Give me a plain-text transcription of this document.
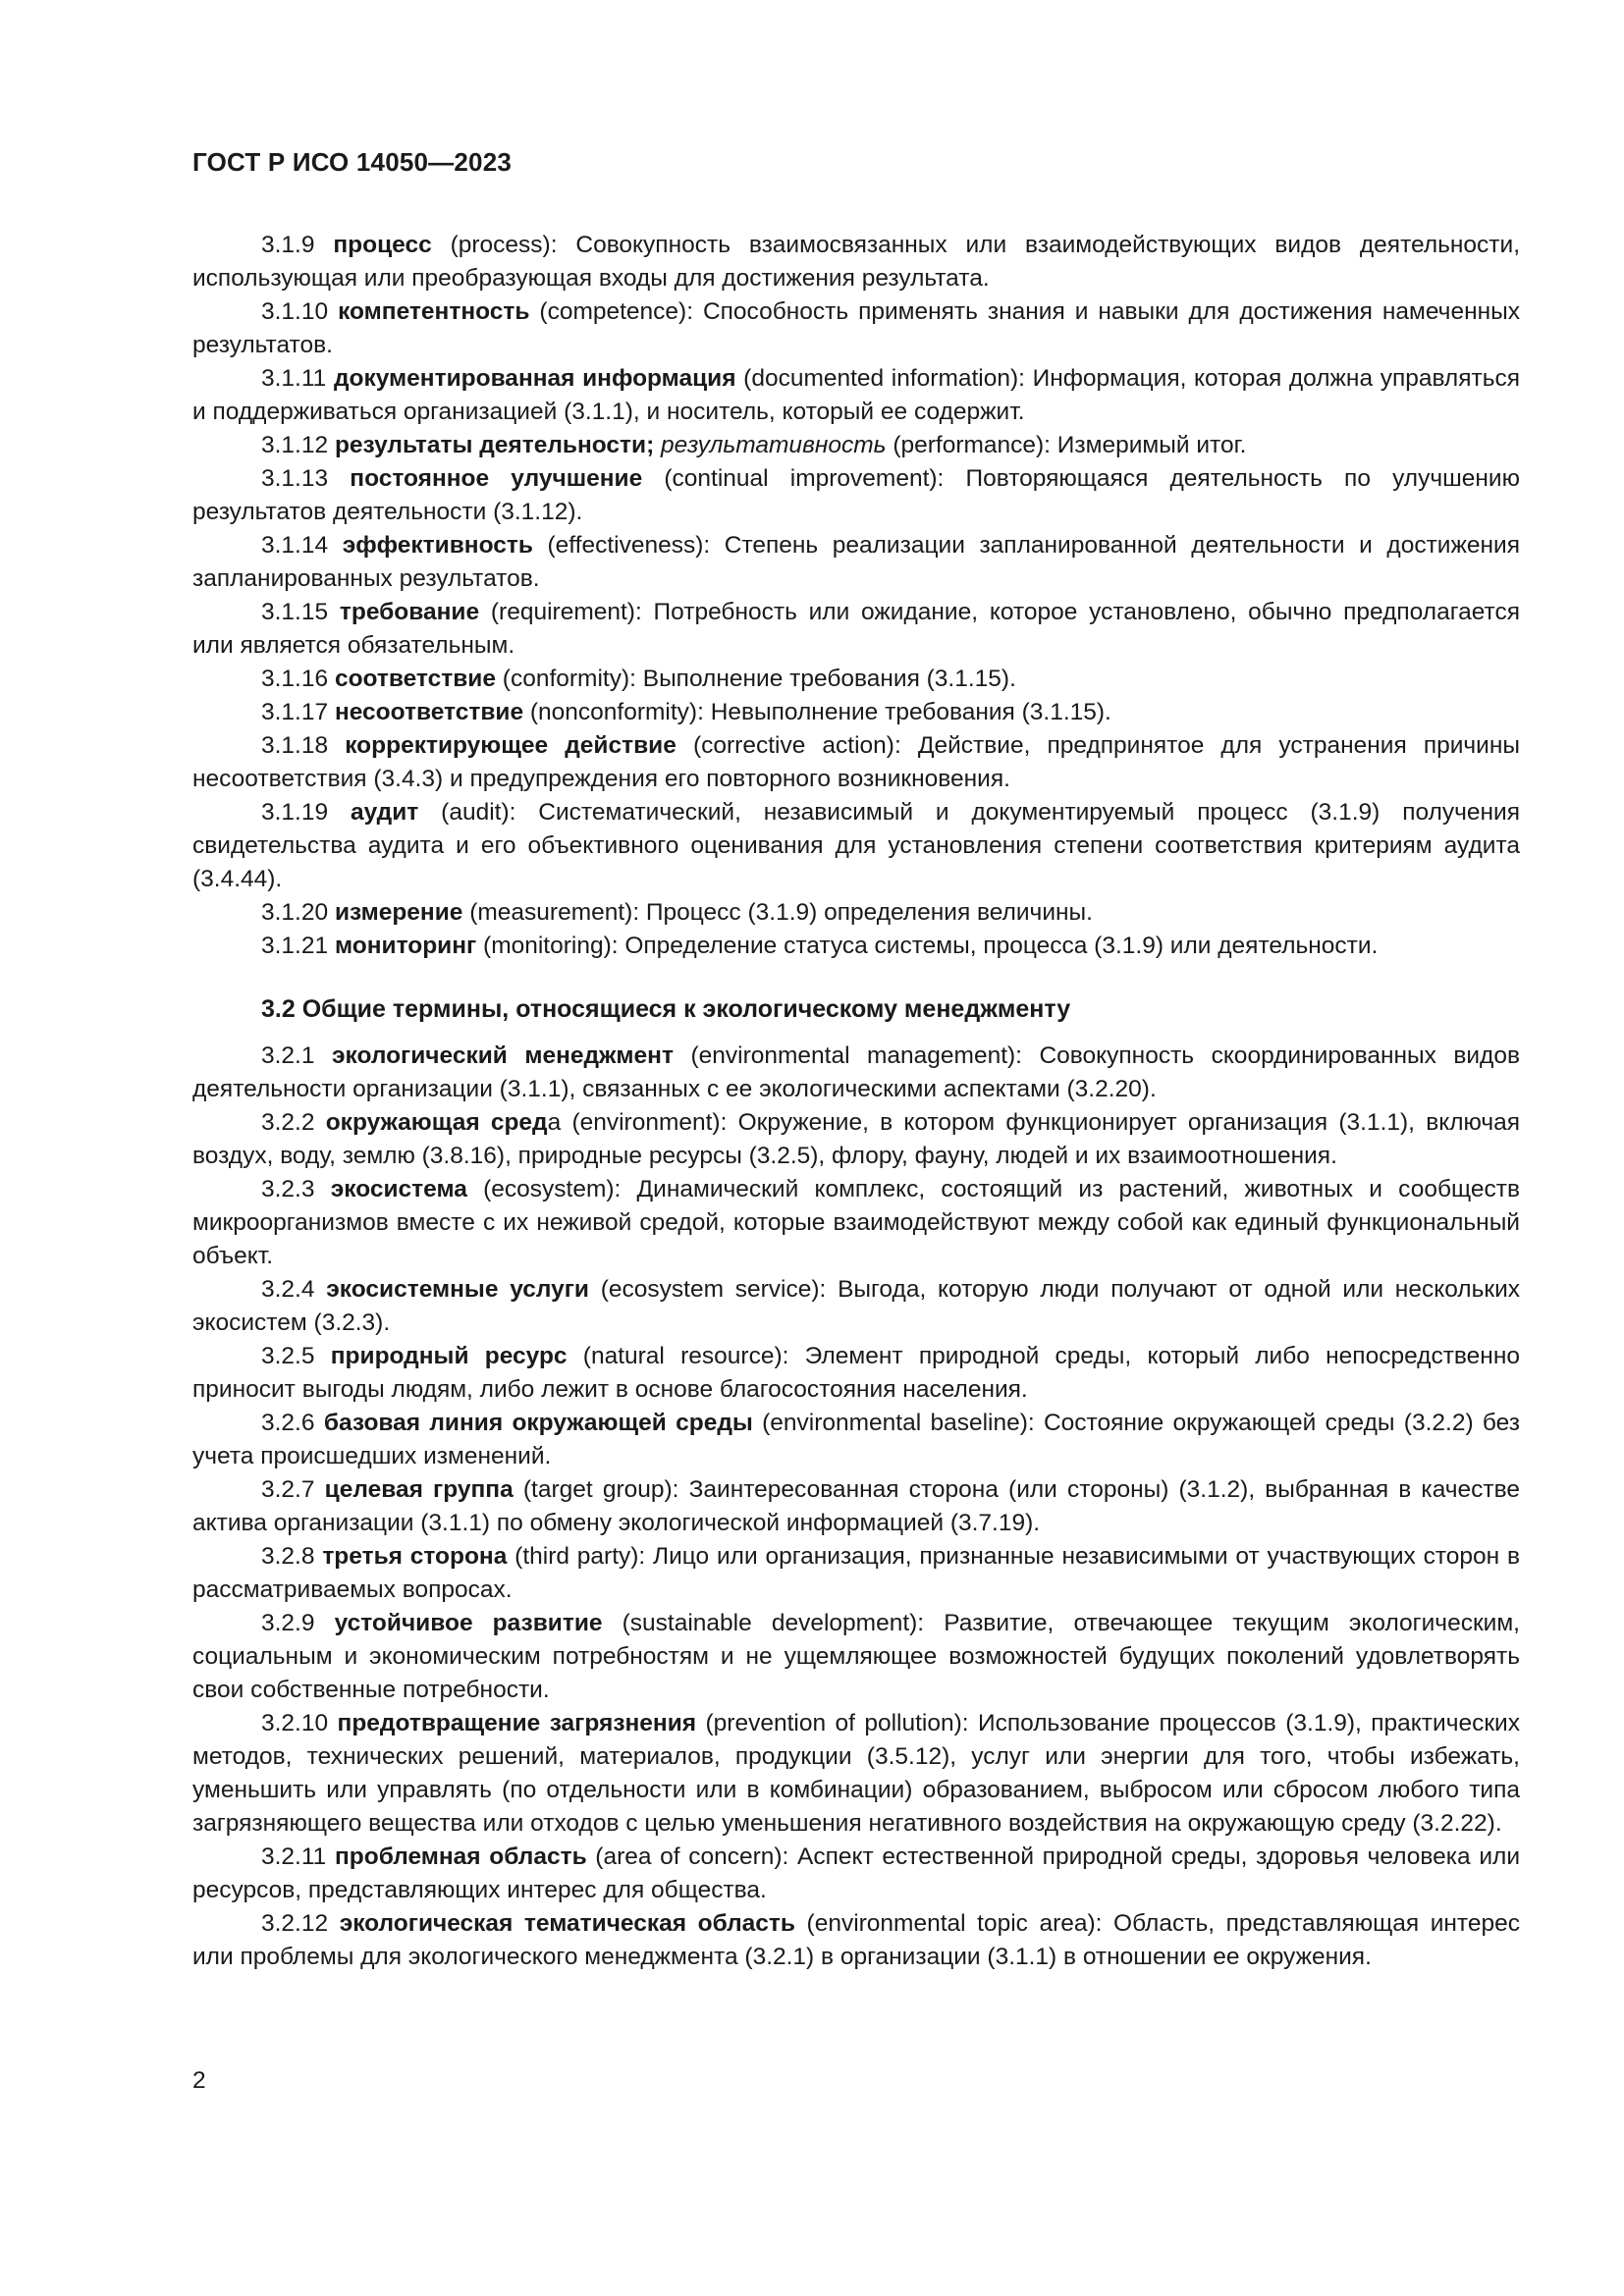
ГОСТ Р ИСО 14050—2023

3.1.9 процесс (process): Совокупность взаимосвязанных или взаимодействующих видов деятельности, использующая или преобразующая входы для достижения результата.

3.1.10 компетентность (competence): Способность применять знания и навыки для достижения намеченных результатов.

3.1.11 документированная информация (documented information): Информация, которая должна управляться и поддерживаться организацией (3.1.1), и носитель, который ее содержит.

3.1.12 результаты деятельности; результативность (performance): Измеримый итог.

3.1.13 постоянное улучшение (continual improvement): Повторяющаяся деятельность по улучшению результатов деятельности (3.1.12).

3.1.14 эффективность (effectiveness): Степень реализации запланированной деятельности и достижения запланированных результатов.

3.1.15 требование (requirement): Потребность или ожидание, которое установлено, обычно предполагается или является обязательным.

3.1.16 соответствие (conformity): Выполнение требования (3.1.15).

3.1.17 несоответствие (nonconformity): Невыполнение требования (3.1.15).

3.1.18 корректирующее действие (corrective action): Действие, предпринятое для устранения причины несоответствия (3.4.3) и предупреждения его повторного возникновения.

3.1.19 аудит (audit): Систематический, независимый и документируемый процесс (3.1.9) получения свидетельства аудита и его объективного оценивания для установления степени соответствия критериям аудита (3.4.44).

3.1.20 измерение (measurement): Процесс (3.1.9) определения величины.

3.1.21 мониторинг (monitoring): Определение статуса системы, процесса (3.1.9) или деятельности.

3.2 Общие термины, относящиеся к экологическому менеджменту

3.2.1 экологический менеджмент (environmental management): Совокупность скоординированных видов деятельности организации (3.1.1), связанных с ее экологическими аспектами (3.2.20).

3.2.2 окружающая среда (environment): Окружение, в котором функционирует организация (3.1.1), включая воздух, воду, землю (3.8.16), природные ресурсы (3.2.5), флору, фауну, людей и их взаимоотношения.

3.2.3 экосистема (ecosystem): Динамический комплекс, состоящий из растений, животных и сообществ микроорганизмов вместе с их неживой средой, которые взаимодействуют между собой как единый функциональный объект.

3.2.4 экосистемные услуги (ecosystem service): Выгода, которую люди получают от одной или нескольких экосистем (3.2.3).

3.2.5 природный ресурс (natural resource): Элемент природной среды, который либо непосредственно приносит выгоды людям, либо лежит в основе благосостояния населения.

3.2.6 базовая линия окружающей среды (environmental baseline): Состояние окружающей среды (3.2.2) без учета происшедших изменений.

3.2.7 целевая группа (target group): Заинтересованная сторона (или стороны) (3.1.2), выбранная в качестве актива организации (3.1.1) по обмену экологической информацией (3.7.19).

3.2.8 третья сторона (third party): Лицо или организация, признанные независимыми от участвующих сторон в рассматриваемых вопросах.

3.2.9 устойчивое развитие (sustainable development): Развитие, отвечающее текущим экологическим, социальным и экономическим потребностям и не ущемляющее возможностей будущих поколений удовлетворять свои собственные потребности.

3.2.10 предотвращение загрязнения (prevention of pollution): Использование процессов (3.1.9), практических методов, технических решений, материалов, продукции (3.5.12), услуг или энергии для того, чтобы избежать, уменьшить или управлять (по отдельности или в комбинации) образованием, выбросом или сбросом любого типа загрязняющего вещества или отходов с целью уменьшения негативного воздействия на окружающую среду (3.2.22).

3.2.11 проблемная область (area of concern): Аспект естественной природной среды, здоровья человека или ресурсов, представляющих интерес для общества.

3.2.12 экологическая тематическая область (environmental topic area): Область, представляющая интерес или проблемы для экологического менеджмента (3.2.1) в организации (3.1.1) в отношении ее окружения.

2
